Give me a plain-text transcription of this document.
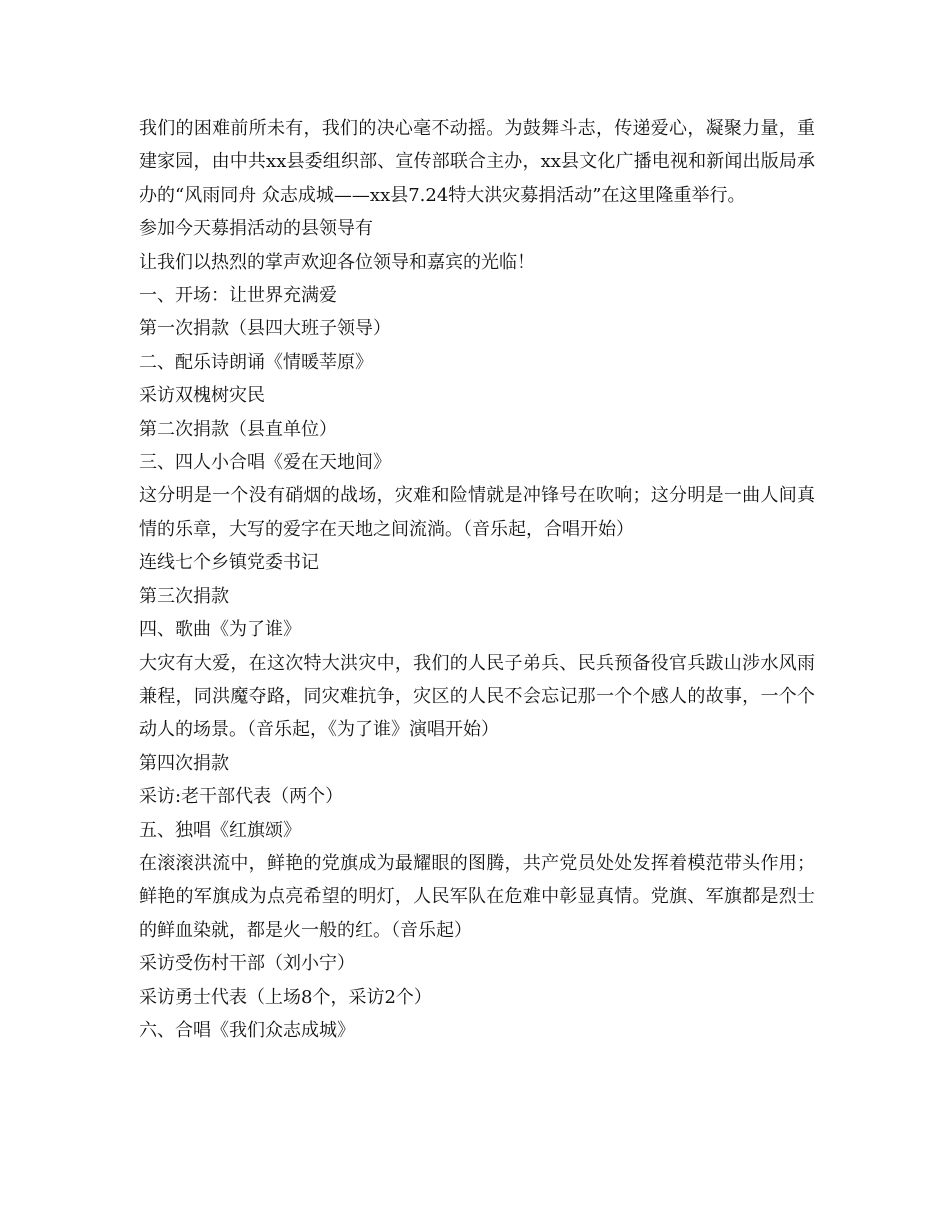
我们的困难前所未有，我们的决心毫不动摇。为鼓舞斗志，传递爱心，凝聚力量，重建家园，由中共xx县委组织部、宣传部联合主办，xx县文化广播电视和新闻出版局承办的“风雨同舟 众志成城——xx县7.24特大洪灾募捐活动”在这里隆重举行。

参加今天募捐活动的县领导有

让我们以热烈的掌声欢迎各位领导和嘉宾的光临！

一、开场：让世界充满爱

第一次捐款（县四大班子领导）

二、配乐诗朗诵《情暖莘原》

采访双槐树灾民

第二次捐款（县直单位）

三、四人小合唱《爱在天地间》

这分明是一个没有硝烟的战场，灾难和险情就是冲锋号在吹响；这分明是一曲人间真情的乐章，大写的爱字在天地之间流淌。（音乐起，合唱开始）

连线七个乡镇党委书记

第三次捐款

四、歌曲《为了谁》

大灾有大爱，在这次特大洪灾中，我们的人民子弟兵、民兵预备役官兵跋山涉水风雨兼程，同洪魔夺路，同灾难抗争，灾区的人民不会忘记那一个个感人的故事，一个个动人的场景。（音乐起，《为了谁》演唱开始）

第四次捐款

采访:老干部代表（两个）

五、独唱《红旗颂》

在滚滚洪流中，鲜艳的党旗成为最耀眼的图腾，共产党员处处发挥着模范带头作用；鲜艳的军旗成为点亮希望的明灯，人民军队在危难中彰显真情。党旗、军旗都是烈士的鲜血染就，都是火一般的红。（音乐起）

采访受伤村干部（刘小宁）

采访勇士代表（上场8个，采访2个）

六、合唱《我们众志成城》
